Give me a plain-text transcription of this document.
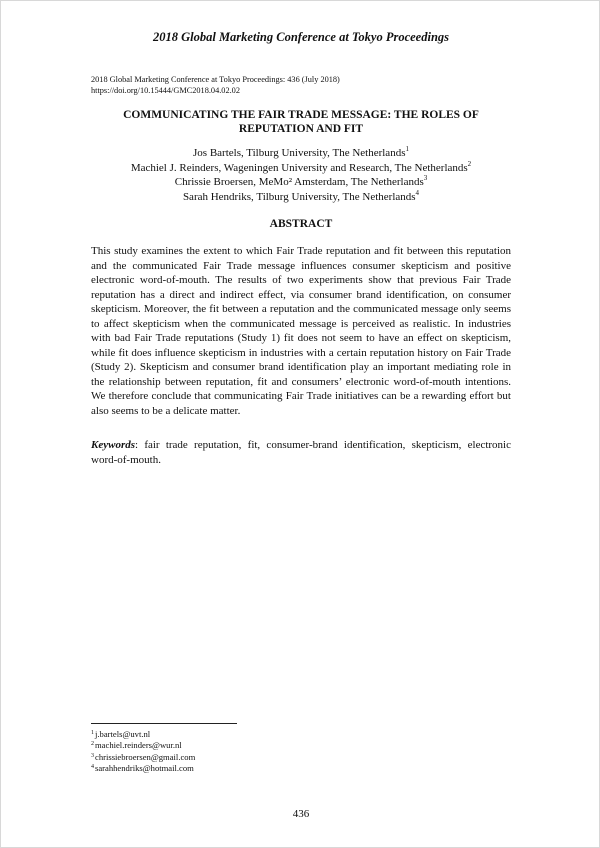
2018 Global Marketing Conference at Tokyo Proceedings
2018 Global Marketing Conference at Tokyo Proceedings: 436 (July 2018)
https://doi.org/10.15444/GMC2018.04.02.02
COMMUNICATING THE FAIR TRADE MESSAGE: THE ROLES OF
REPUTATION AND FIT
Jos Bartels, Tilburg University, The Netherlands$^1$
Machiel J. Reinders, Wageningen University and Research, The Netherlands$^2$
Chrissie Broersen, MeMo² Amsterdam, The Netherlands$^3$
Sarah Hendriks, Tilburg University, The Netherlands$^4$
ABSTRACT

This study examines the extent to which Fair Trade reputation and fit between this reputation and the communicated Fair Trade message influences consumer skepticism and positive electronic word-of-mouth. The results of two experiments show that previous Fair Trade reputation has a direct and indirect effect, via consumer brand identification, on consumer skepticism. Moreover, the fit between a reputation and the communicated message only seems to affect skepticism when the communicated message is perceived as realistic. In industries with bad Fair Trade reputations (Study 1) fit does not seem to have an effect on skepticism, while fit does influence skepticism in industries with a certain reputation history on Fair Trade (Study 2). Skepticism and consumer brand identification play an important mediating role in the relationship between reputation, fit and consumers’ electronic word-of-mouth intentions. We therefore conclude that communicating Fair Trade initiatives can be a rewarding effort but also seems to be a delicate matter.

Keywords: fair trade reputation, fit, consumer-brand identification, skepticism, electronic word-of-mouth.

$^1$j.bartels@uvt.nl
$^2$machiel.reinders@wur.nl
$^3$chrissiebroersen@gmail.com
$^4$sarahhendriks@hotmail.com
436
